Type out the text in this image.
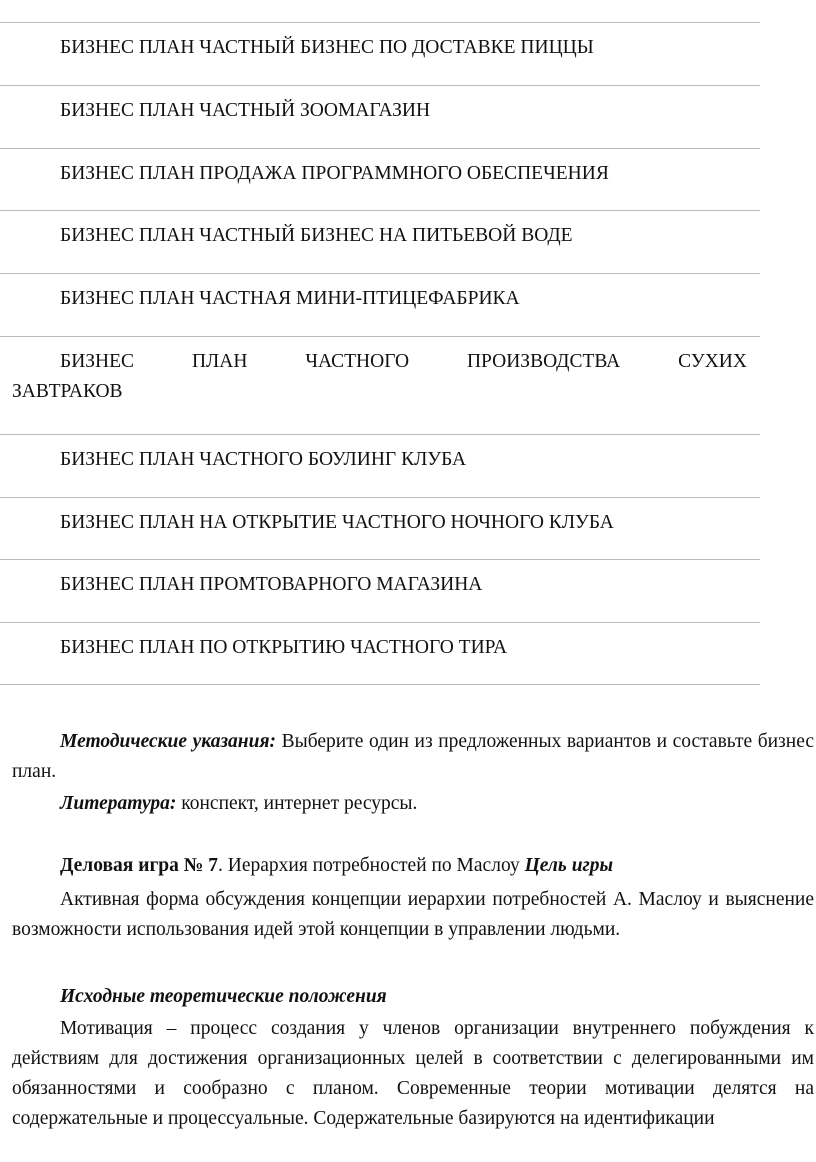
БИЗНЕС ПЛАН ЧАСТНЫЙ БИЗНЕС ПО ДОСТАВКЕ ПИЦЦЫ
БИЗНЕС ПЛАН ЧАСТНЫЙ ЗООМАГАЗИН
БИЗНЕС ПЛАН ПРОДАЖА ПРОГРАММНОГО ОБЕСПЕЧЕНИЯ
БИЗНЕС ПЛАН ЧАСТНЫЙ БИЗНЕС НА ПИТЬЕВОЙ ВОДЕ
БИЗНЕС ПЛАН ЧАСТНАЯ МИНИ-ПТИЦЕФАБРИКА
БИЗНЕС	ПЛАН	ЧАСТНОГО	ПРОИЗВОДСТВА	СУХИХ
ЗАВТРАКОВ
БИЗНЕС ПЛАН ЧАСТНОГО БОУЛИНГ КЛУБА
БИЗНЕС ПЛАН НА ОТКРЫТИЕ ЧАСТНОГО НОЧНОГО КЛУБА
БИЗНЕС ПЛАН ПРОМТОВАРНОГО МАГАЗИНА
БИЗНЕС ПЛАН ПО ОТКРЫТИЮ ЧАСТНОГО ТИРА
Методические указания: Выберите один из предложенных вариантов и составьте бизнес план.
Литература: конспект, интернет ресурсы.
Деловая игра № 7. Иерархия потребностей по Маслоу Цель игры
Активная форма обсуждения концепции иерархии потребностей А. Маслоу и выяснение возможности использования идей этой концепции в управлении людьми.
Исходные теоретические положения
Мотивация – процесс создания у членов организации внутреннего побуждения к действиям для достижения организационных целей в соответствии с делегированными им обязанностями и сообразно с планом. Современные теории мотивации делятся на содержательные и процессуальные. Содержательные базируются на идентификации
